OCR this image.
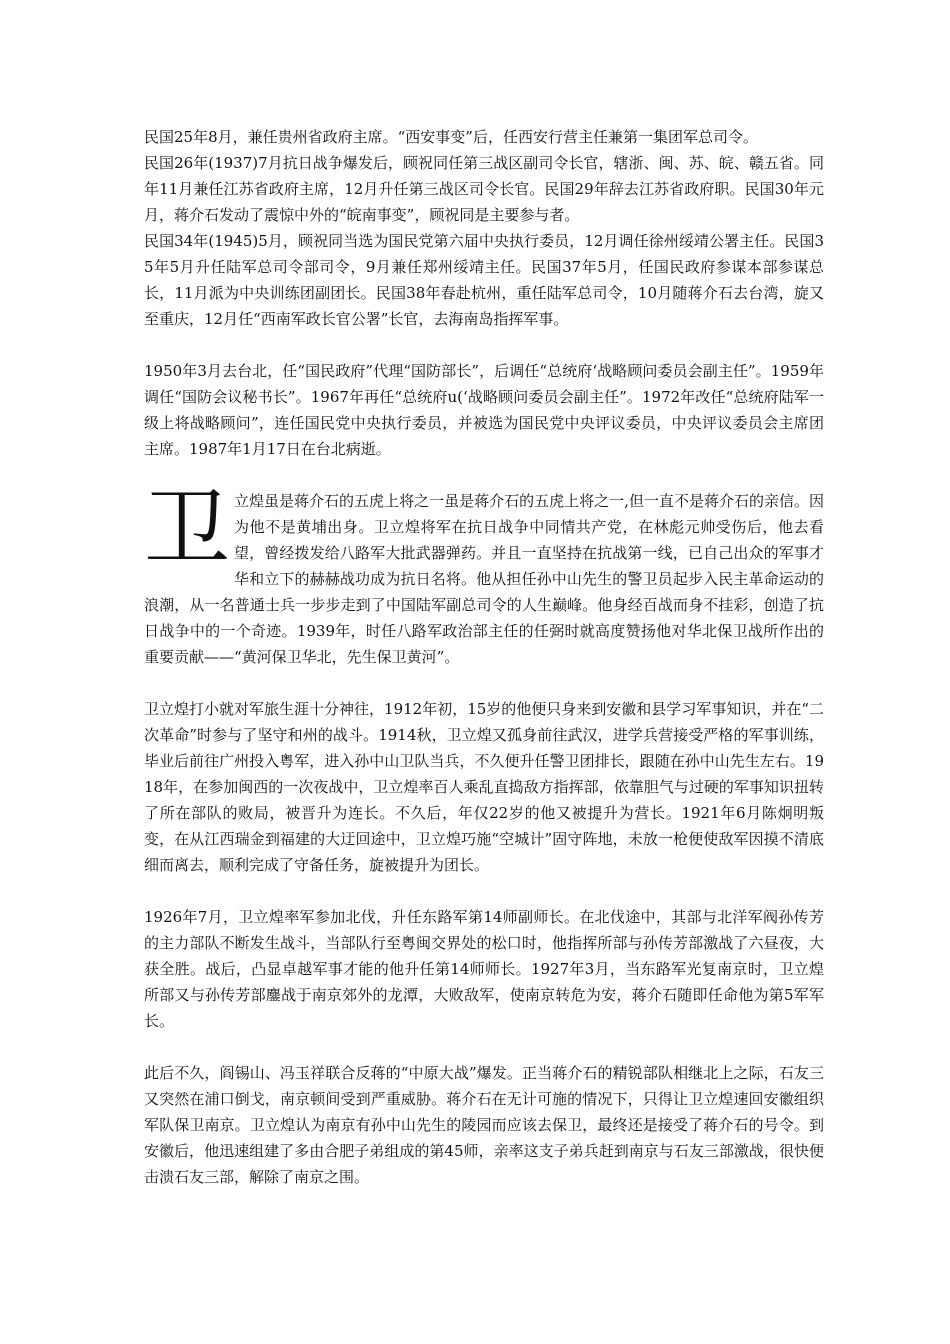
民国25年8月，兼任贵州省政府主席。“西安事变”后，任西安行营主任兼第一集团军总司令。

民国26年(1937)7月抗日战争爆发后，顾祝同任第三战区副司令长官，辖浙、闽、苏、皖、赣五省。同年11月兼任江苏省政府主席，12月升任第三战区司令长官。民国29年辞去江苏省政府职。民国30年元月，蒋介石发动了震惊中外的“皖南事变”，顾祝同是主要参与者。

民国34年(1945)5月，顾祝同当选为国民党第六届中央执行委员，12月调任徐州绥靖公署主任。民国35年5月升任陆军总司令部司令，9月兼任郑州绥靖主任。民国37年5月，任国民政府参谋本部参谋总长，11月派为中央训练团副团长。民国38年春赴杭州，重任陆军总司令，10月随蒋介石去台湾，旋又至重庆，12月任“西南军政长官公署”长官，去海南岛指挥军事。

1950年3月去台北，任“国民政府”代理“国防部长”，后调任“总统府‘战略顾问委员会副主任”。1959年调任“国防会议秘书长”。1967年再任“总统府u(‘战略顾问委员会副主任”。1972年改任“总统府陆军一级上将战略顾问”，连任国民党中央执行委员，并被选为国民党中央评议委员，中央评议委员会主席团主席。1987年1月17日在台北病逝。

卫 立煌虽是蒋介石的五虎上将之一虽是蒋介石的五虎上将之一,但一直不是蒋介石的亲信。因为他不是黄埔出身。卫立煌将军在抗日战争中同情共产党，在林彪元帅受伤后，他去看望，曾经拨发给八路军大批武器弹药。并且一直坚持在抗战第一线，已自己出众的军事才华和立下的赫赫战功成为抗日名将。他从担任孙中山先生的警卫员起步入民主革命运动的浪潮，从一名普通士兵一步步走到了中国陆军副总司令的人生巅峰。他身经百战而身不挂彩，创造了抗日战争中的一个奇迹。1939年，时任八路军政治部主任的任弼时就高度赞扬他对华北保卫战所作出的重要贡献——“黄河保卫华北，先生保卫黄河”。

卫立煌打小就对军旅生涯十分神往，1912年初，15岁的他便只身来到安徽和县学习军事知识，并在“二次革命”时参与了坚守和州的战斗。1914秋，卫立煌又孤身前往武汉，进学兵营接受严格的军事训练，毕业后前往广州投入粤军，进入孙中山卫队当兵，不久便升任警卫团排长，跟随在孙中山先生左右。1918年，在参加闽西的一次夜战中，卫立煌率百人乘乱直捣敌方指挥部，依靠胆气与过硬的军事知识扭转了所在部队的败局，被晋升为连长。不久后，年仅22岁的他又被提升为营长。1921年6月陈炯明叛变，在从江西瑞金到福建的大迂回途中，卫立煌巧施“空城计”固守阵地，未放一枪便使敌军因摸不清底细而离去，顺利完成了守备任务，旋被提升为团长。

1926年7月，卫立煌率军参加北伐，升任东路军第14师副师长。在北伐途中，其部与北洋军阀孙传芳的主力部队不断发生战斗，当部队行至粤闽交界处的松口时，他指挥所部与孙传芳部激战了六昼夜，大获全胜。战后，凸显卓越军事才能的他升任第14师师长。1927年3月，当东路军光复南京时，卫立煌所部又与孙传芳部鏖战于南京郊外的龙潭，大败敌军，使南京转危为安，蒋介石随即任命他为第5军军长。

此后不久，阎锡山、冯玉祥联合反蒋的“中原大战”爆发。正当蒋介石的精锐部队相继北上之际，石友三又突然在浦口倒戈，南京顿间受到严重威胁。蒋介石在无计可施的情况下，只得让卫立煌速回安徽组织军队保卫南京。卫立煌认为南京有孙中山先生的陵园而应该去保卫，最终还是接受了蒋介石的号令。到安徽后，他迅速组建了多由合肥子弟组成的第45师，亲率这支子弟兵赶到南京与石友三部激战，很快便击溃石友三部，解除了南京之围。
